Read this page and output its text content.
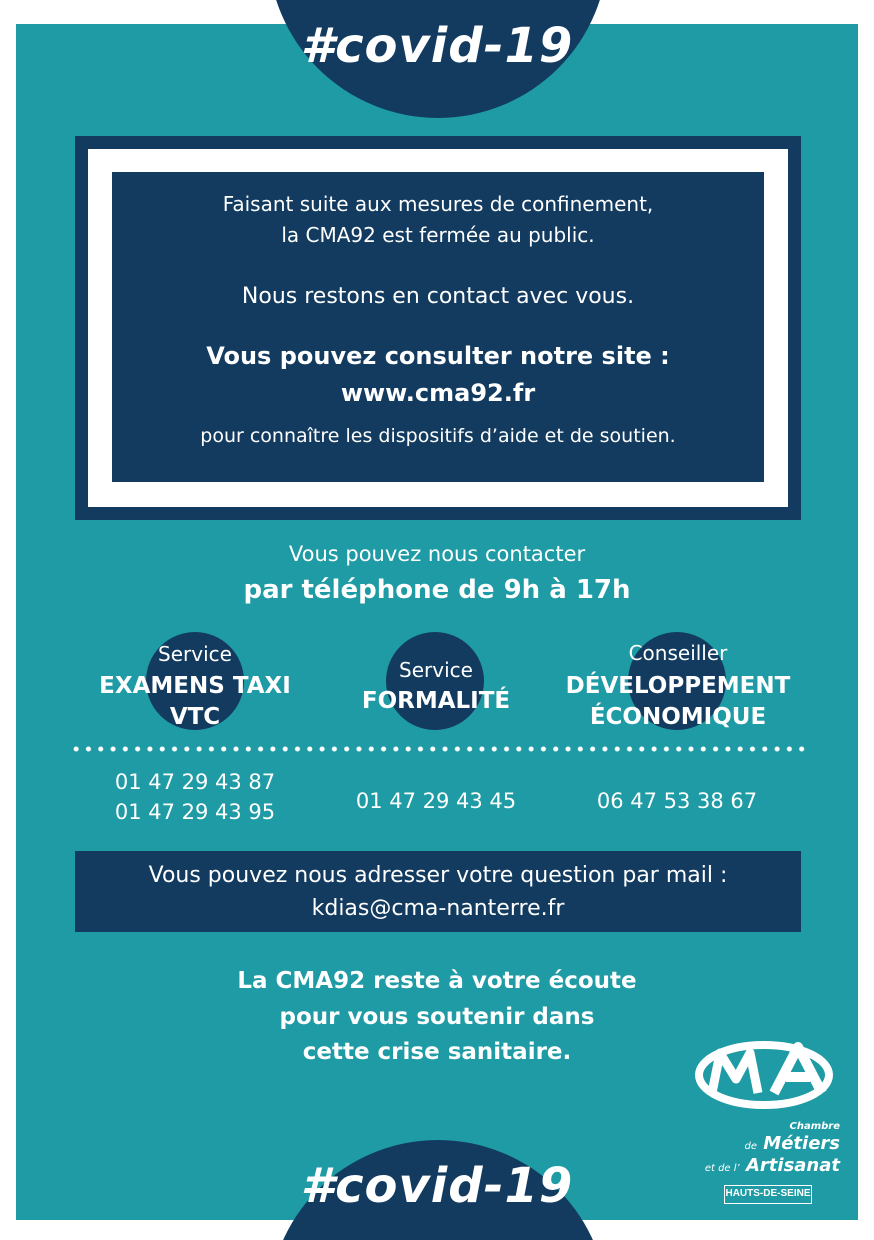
#covid-19
Faisant suite aux mesures de confinement,
la CMA92 est fermée au public.
Nous restons en contact avec vous.
Vous pouvez consulter notre site :
www.cma92.fr
pour connaître les dispositifs d’aide et de soutien.
Vous pouvez nous contacter
par téléphone de 9h à 17h
Service
EXAMENS TAXI
VTC
Service
FORMALITÉ
Conseiller
DÉVELOPPEMENT
ÉCONOMIQUE
01 47 29 43 87
01 47 29 43 95	01 47 29 43 45	06 47 53 38 67
Vous pouvez nous adresser votre question par mail :
kdias@cma-nanterre.fr
La CMA92 reste à votre écoute
pour vous soutenir dans
cette crise sanitaire.
#covid-19
Chambre
de Métiers
et de l’ Artisanat
HAUTS-DE-SEINE
